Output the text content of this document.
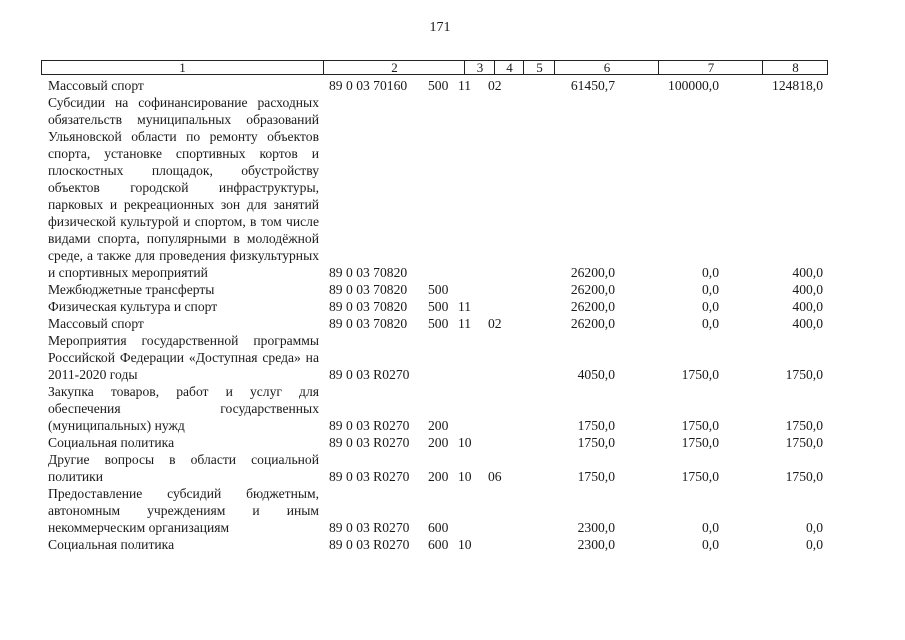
171
1	2	3	4	5	6	7	8
Массовый спорт	89 0 03 70160 500 11 02	61450,7	100000,0	124818,0
Субсидии на софинансирование расходных обязательств муниципальных образований Ульяновской области по ремонту объектов спорта, установке спортивных кортов и плоскостных площадок, обустройству объектов городской инфраструктуры, парковых и рекреационных зон для занятий физической культурой и спортом, в том числе видами спорта, популярными в молодёжной среде, а также для проведения физкультурных и спортивных мероприятий	89 0 03 70820	26200,0	0,0	400,0
Межбюджетные трансферты	89 0 03 70820 500	26200,0	0,0	400,0
Физическая культура и спорт	89 0 03 70820 500 11	26200,0	0,0	400,0
Массовый спорт	89 0 03 70820 500 11 02	26200,0	0,0	400,0
Мероприятия государственной программы Российской Федерации «Доступная среда» на 2011-2020 годы	89 0 03 R0270	4050,0	1750,0	1750,0
Закупка товаров, работ и услуг для обеспечения государственных (муниципальных) нужд	89 0 03 R0270 200	1750,0	1750,0	1750,0
Социальная политика	89 0 03 R0270 200 10	1750,0	1750,0	1750,0
Другие вопросы в области социальной политики	89 0 03 R0270 200 10 06	1750,0	1750,0	1750,0
Предоставление субсидий бюджетным, автономным учреждениям и иным некоммерческим организациям	89 0 03 R0270 600	2300,0	0,0	0,0
Социальная политика	89 0 03 R0270 600 10	2300,0	0,0	0,0
